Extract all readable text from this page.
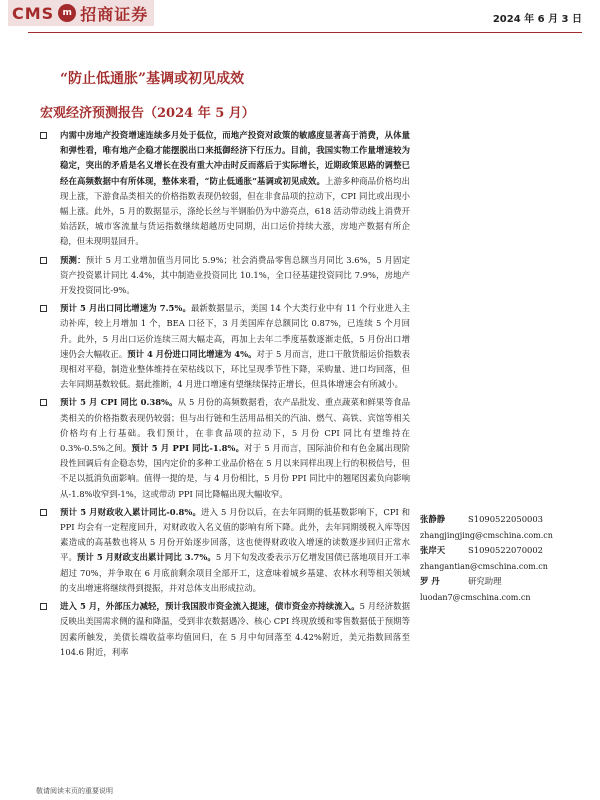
CMS m 招商证券	2024 年 6 月 3 日
“防止低通胀”基调或初见成效
宏观经济预测报告（2024 年 5 月）
内需中房地产投资增速连续多月处于低位，而地产投资对政策的敏感度显著高于消费，从体量和弹性看，唯有地产企稳才能摆脱出口来抵御经济下行压力。目前，我国实物工作量增速较为稳定，突出的矛盾是名义增长在没有重大冲击时反而落后于实际增长，近期政策思路的调整已经在高频数据中有所体现，整体来看，“防止低通胀”基调或初见成效。上游多种商品价格均出现上涨，下游食品类相关的价格指数表现仍较弱，但在非食品项的拉动下，CPI 同比或出现小幅上涨。此外，5 月的数据显示，涤纶长丝与半钢胎仍为中游亮点，618 活动带动线上消费开始活跃，城市客流量与货运指数继续超越历史同期，出口运价持续大涨，房地产数据有所企稳，但未现明显回升。
预测：预计 5 月工业增加值当月同比 5.9%；社会消费品零售总额当月同比 3.6%，5 月固定资产投资累计同比 4.4%，其中制造业投资同比 10.1%，全口径基建投资同比 7.9%，房地产开发投资同比-9%。
预计 5 月出口同比增速为 7.5%。最新数据显示，美国 14 个大类行业中有 11 个行业进入主动补库，较上月增加 1 个，BEA 口径下，3 月美国库存总额同比 0.87%，已连续 5 个月回升。此外，5 月出口运价连续三周大幅走高，再加上去年二季度基数逐渐走低，5 月份出口增速仍会大幅收正。预计 4 月份进口同比增速为 4%。对于 5 月而言，进口干散货船运价指数表现相对平稳，制造业整体维持在荣枯线以下，环比呈现季节性下降，采购量、进口均回落，但去年同期基数较低。据此推断，4 月进口增速有望继续保持正增长，但具体增速会有所减小。
预计 5 月 CPI 同比 0.38%。从 5 月份的高频数据看，农产品批发、重点蔬菜和鲜果等食品类相关的价格指数表现仍较弱；但与出行链和生活用品相关的汽油、燃气、高铁、宾馆等相关价格均有上行基础。我们预计，在非食品项的拉动下，5 月份 CPI 同比有望维持在 0.3%-0.5%之间。预计 5 月 PPI 同比-1.8%。对于 5 月而言，国际油价和有色金属出现阶段性回调后有企稳态势，国内定价的多种工业品价格在 5 月以来同样出现上行的积极信号，但不足以抵消负面影响。值得一提的是，与 4 月份相比，5 月份 PPI 同比中的翘尾因素负向影响从-1.8%收窄到-1%，这或带动 PPI 同比降幅出现大幅收窄。
预计 5 月财政收入累计同比-0.8%。进入 5 月份以后，在去年同期的低基数影响下，CPI 和 PPI 均会有一定程度回升，对财政收入名义值的影响有所下降。此外，去年同期缓税入库等因素造成的高基数也将从 5 月份开始逐步回落，这也使得财政收入增速的读数逐步回归正常水平。预计 5 月财政支出累计同比 3.7%。5 月下旬发改委表示万亿增发国债已落地项目开工率超过 70%，并争取在 6 月底前剩余项目全部开工，这意味着城乡基建、农林水利等相关领域的支出增速将继续得到提振，并对总体支出形成拉动。
进入 5 月，外部压力减轻，预计我国股市资金流入提速，债市资金亦持续流入。5 月经济数据反映出美国需求侧的温和降温，受到非农数据遇冷、核心 CPI 终现放缓和零售数据低于预期等因素所触发，美债长端收益率均值回归，在 5 月中旬回落至 4.42%附近，美元指数回落至 104.6 附近，利率
张静静	S1090522050003
zhangjingjing@cmschina.com.cn
张岸天	S1090522070002
zhangantian@cmschina.com.cn
罗 丹	研究助理
luodan7@cmschina.com.cn
敬请阅读末页的重要说明
